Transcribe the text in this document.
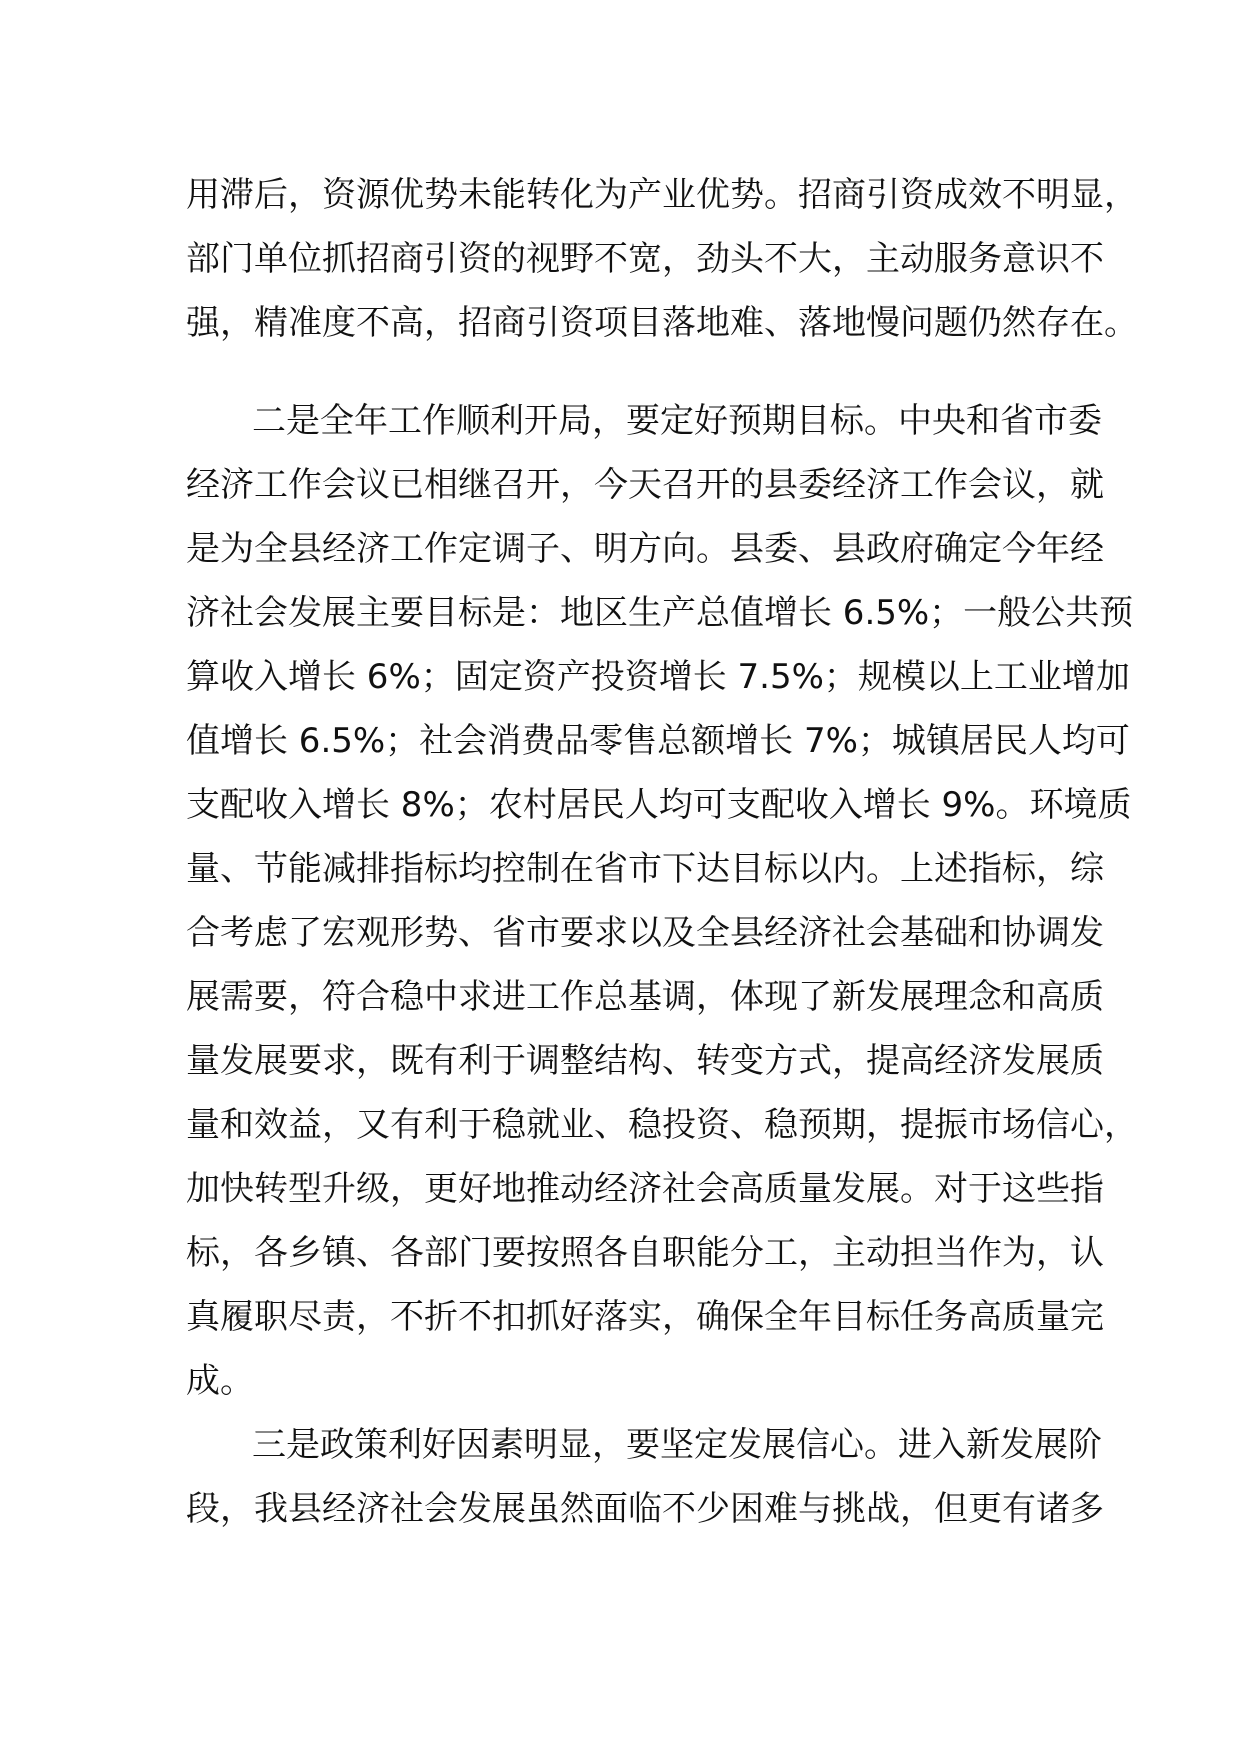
用滞后，资源优势未能转化为产业优势。招商引资成效不明显，
部门单位抓招商引资的视野不宽，劲头不大，主动服务意识不
强，精准度不高，招商引资项目落地难、落地慢问题仍然存在。
二是全年工作顺利开局，要定好预期目标。中央和省市委
经济工作会议已相继召开，今天召开的县委经济工作会议，就
是为全县经济工作定调子、明方向。县委、县政府确定今年经
济社会发展主要目标是：地区生产总值增长 6.5%；一般公共预
算收入增长 6%；固定资产投资增长 7.5%；规模以上工业增加
值增长 6.5%；社会消费品零售总额增长 7%；城镇居民人均可
支配收入增长 8%；农村居民人均可支配收入增长 9%。环境质
量、节能减排指标均控制在省市下达目标以内。上述指标，综
合考虑了宏观形势、省市要求以及全县经济社会基础和协调发
展需要，符合稳中求进工作总基调，体现了新发展理念和高质
量发展要求，既有利于调整结构、转变方式，提高经济发展质
量和效益，又有利于稳就业、稳投资、稳预期，提振市场信心，
加快转型升级，更好地推动经济社会高质量发展。对于这些指
标，各乡镇、各部门要按照各自职能分工，主动担当作为，认
真履职尽责，不折不扣抓好落实，确保全年目标任务高质量完
成。
三是政策利好因素明显，要坚定发展信心。进入新发展阶
段，我县经济社会发展虽然面临不少困难与挑战，但更有诸多
